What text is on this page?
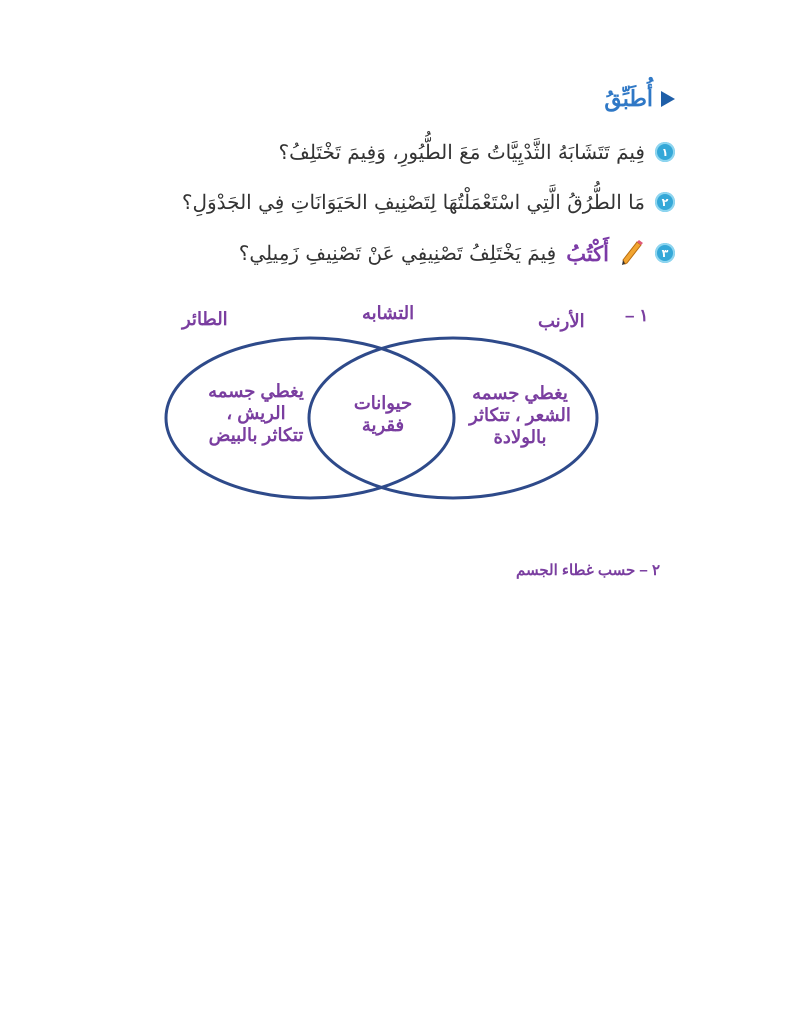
أُطَبِّقُ
١
فِيمَ تَتَشَابَهُ الثَّدْيِيَّاتُ مَعَ الطُّيُورِ، وَفِيمَ تَخْتَلِفُ؟
٢
مَا الطُّرُقُ الَّتِي اسْتَعْمَلْتُهَا لِتَصْنِيفِ الحَيَوَانَاتِ فِي الجَدْوَلِ؟
٣
أَكْتُبُ
فِيمَ يَخْتَلِفُ تَصْنِيفِي عَنْ تَصْنِيفِ زَمِيلِي؟
١ –
الطائر	التشابه	الأرنب
يغطي جسمه
الريش ،
تتكاثر بالبيض
حيوانات
فقرية
يغطي جسمه
الشعر ، تتكاثر
بالولادة
٢ – حسب غطاء الجسم
